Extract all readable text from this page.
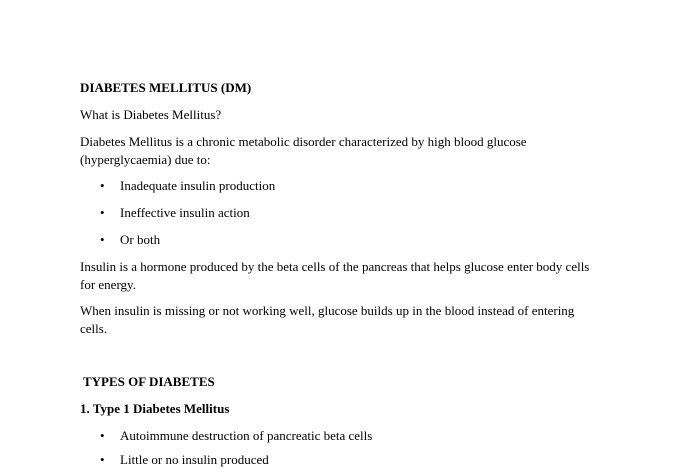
DIABETES MELLITUS (DM)

What is Diabetes Mellitus?

Diabetes Mellitus is a chronic metabolic disorder characterized by high blood glucose (hyperglycaemia) due to:

•	Inadequate insulin production
•	Ineffective insulin action
•	Or both

Insulin is a hormone produced by the beta cells of the pancreas that helps glucose enter body cells for energy.

When insulin is missing or not working well, glucose builds up in the blood instead of entering cells.

TYPES OF DIABETES

1. Type 1 Diabetes Mellitus

•	Autoimmune destruction of pancreatic beta cells
•	Little or no insulin produced
